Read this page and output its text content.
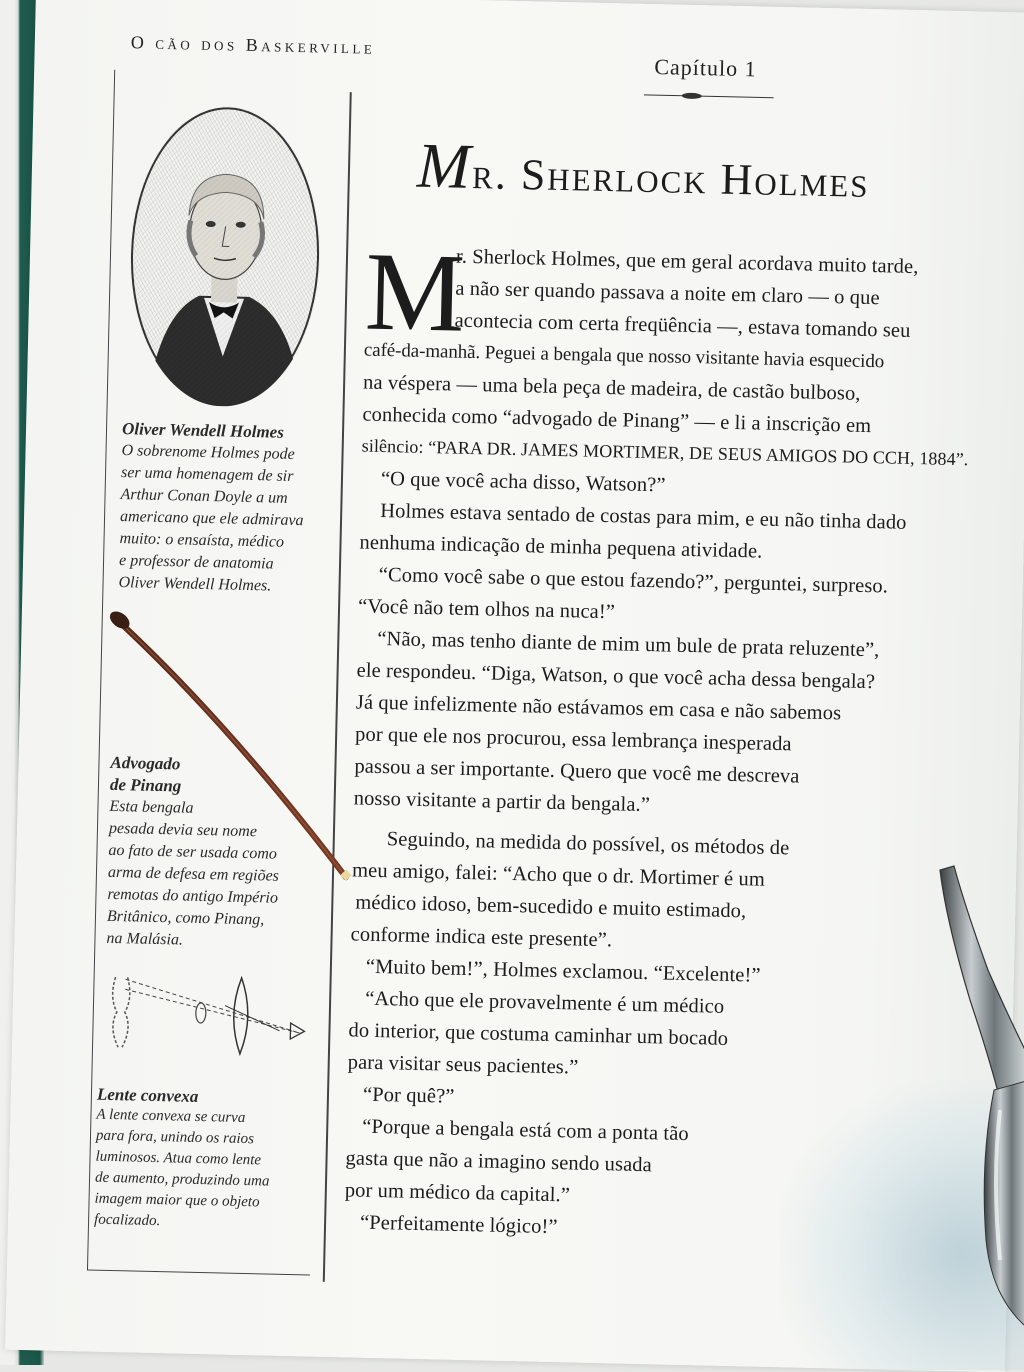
O cão dos Baskerville
Oliver Wendell Holmes
O sobrenome Holmes pode
ser uma homenagem de sir
Arthur Conan Doyle a um
americano que ele admirava
muito: o ensaísta, médico
e professor de anatomia
Oliver Wendell Holmes.
Advogado
de Pinang
Esta bengala
pesada devia seu nome
ao fato de ser usada como
arma de defesa em regiões
remotas do antigo Império
Britânico, como Pinang,
na Malásia.
Lente convexa
A lente convexa se curva
para fora, unindo os raios
luminosos. Atua como lente
de aumento, produzindo uma
imagem maior que o objeto
focalizado.
Capítulo 1
Mr. Sherlock Holmes
M
r. Sherlock Holmes, que em geral acordava muito tarde,
a não ser quando passava a noite em claro — o que
acontecia com certa freqüência —, estava tomando seu
café-da-manhã. Peguei a bengala que nosso visitante havia esquecido
na véspera — uma bela peça de madeira, de castão bulboso,
conhecida como “advogado de Pinang” — e li a inscrição em
silêncio: “PARA DR. JAMES MORTIMER, DE SEUS AMIGOS DO CCH, 1884”.
“O que você acha disso, Watson?”
Holmes estava sentado de costas para mim, e eu não tinha dado
nenhuma indicação de minha pequena atividade.
“Como você sabe o que estou fazendo?”, perguntei, surpreso.
“Você não tem olhos na nuca!”
“Não, mas tenho diante de mim um bule de prata reluzente”,
ele respondeu. “Diga, Watson, o que você acha dessa bengala?
Já que infelizmente não estávamos em casa e não sabemos
por que ele nos procurou, essa lembrança inesperada
passou a ser importante. Quero que você me descreva
nosso visitante a partir da bengala.”
Seguindo, na medida do possível, os métodos de
meu amigo, falei: “Acho que o dr. Mortimer é um
médico idoso, bem-sucedido e muito estimado,
conforme indica este presente”.
“Muito bem!”, Holmes exclamou. “Excelente!”
“Acho que ele provavelmente é um médico
do interior, que costuma caminhar um bocado
para visitar seus pacientes.”
“Por quê?”
“Porque a bengala está com a ponta tão
gasta que não a imagino sendo usada
por um médico da capital.”
“Perfeitamente lógico!”
